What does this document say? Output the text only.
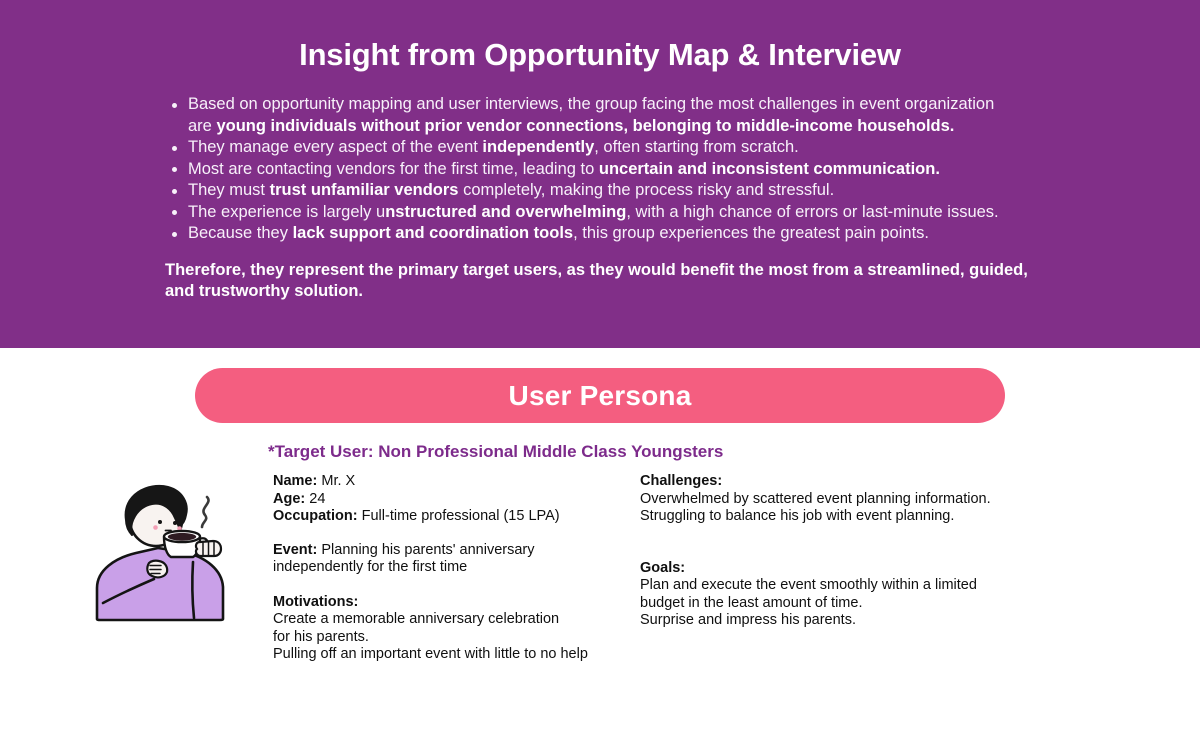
Insight from Opportunity Map & Interview
Based on opportunity mapping and user interviews, the group facing the most challenges in event organization are young individuals without prior vendor connections, belonging to middle-income households.
They manage every aspect of the event independently, often starting from scratch.
Most are contacting vendors for the first time, leading to uncertain and inconsistent communication.
They must trust unfamiliar vendors completely, making the process risky and stressful.
The experience is largely unstructured and overwhelming, with a high chance of errors or last-minute issues.
Because they lack support and coordination tools, this group experiences the greatest pain points.

Therefore, they represent the primary target users, as they would benefit the most from a streamlined, guided, and trustworthy solution.

User Persona
*Target User: Non Professional Middle Class Youngsters
Name: Mr. X
Age: 24
Occupation: Full-time professional (15 LPA)
Event: Planning his parents' anniversary
independently for the first time
Motivations:
Create a memorable anniversary celebration
for his parents.
Pulling off an important event with little to no help
Challenges:
Overwhelmed by scattered event planning information.
Struggling to balance his job with event planning.
Goals:
Plan and execute the event smoothly within a limited
budget in the least amount of time.
Surprise and impress his parents.
